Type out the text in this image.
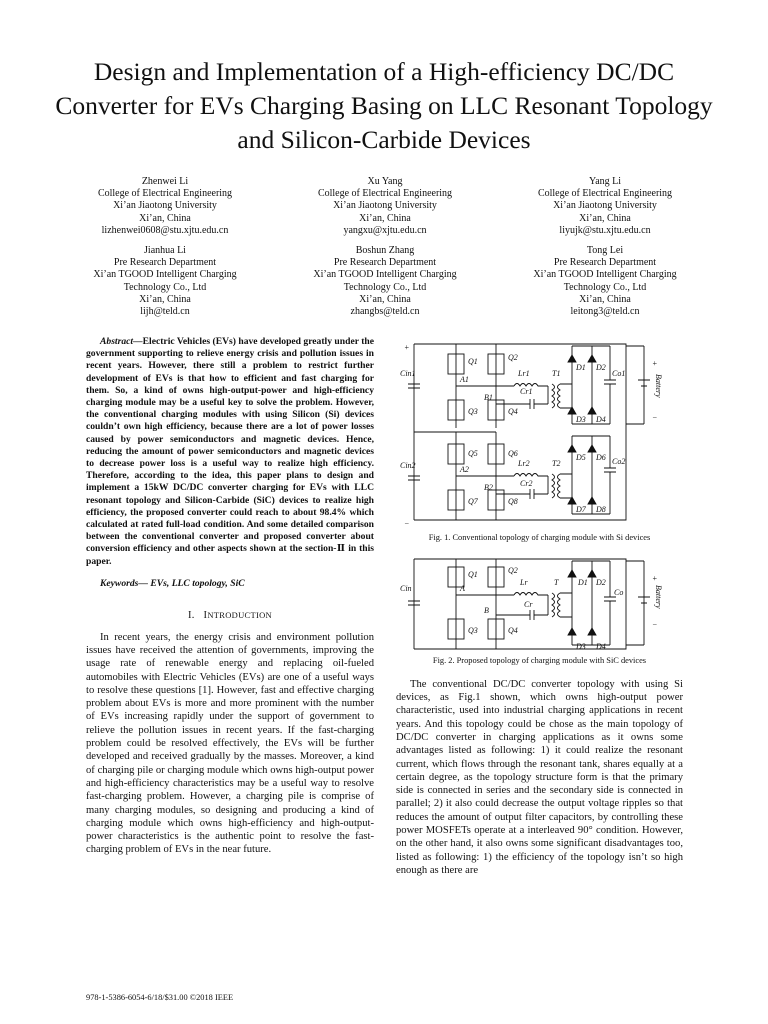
Design and Implementation of a High-efficiency DC/DC Converter for EVs Charging Basing on LLC Resonant Topology and Silicon-Carbide Devices
Zhenwei Li
College of Electrical Engineering
Xi’an Jiaotong University
Xi’an, China
lizhenwei0608@stu.xjtu.edu.cn
Xu Yang
College of Electrical Engineering
Xi’an Jiaotong University
Xi’an, China
yangxu@xjtu.edu.cn
Yang Li
College of Electrical Engineering
Xi’an Jiaotong University
Xi’an, China
liyujk@stu.xjtu.edu.cn
Jianhua Li
Pre Research Department
Xi’an TGOOD Intelligent Charging
Technology Co., Ltd
Xi’an, China
lijh@teld.cn
Boshun Zhang
Pre Research Department
Xi’an TGOOD Intelligent Charging
Technology Co., Ltd
Xi’an, China
zhangbs@teld.cn
Tong Lei
Pre Research Department
Xi’an TGOOD Intelligent Charging
Technology Co., Ltd
Xi’an, China
leitong3@teld.cn

Abstract—Electric Vehicles (EVs) have developed greatly under the government supporting to relieve energy crisis and pollution issues in recent years. However, there still a problem to restrict further development of EVs is that how to efficient and fast charging for them. So, a kind of owns high-output-power and high-efficiency charging module may be a useful key to solve the problem. However, the conventional charging modules with using Silicon (Si) devices couldn’t own high efficiency, because there are a lot of power losses caused by power semiconductors and magnetic devices. Hence, reducing the amount of power semiconductors and magnetic devices to decrease power loss is a useful way to realize high efficiency. Therefore, according to the idea, this paper plans to design and implement a 15kW DC/DC converter charging for EVs with LLC resonant topology and Silicon-Carbide (SiC) devices to realize high efficiency, the proposed converter could reach to about 98.4% which calculated at rated full-load condition. And some detailed comparison between the conventional converter and proposed converter about conversion efficiency and other aspects shown at the section-Ⅱ in this paper.

Keywords— EVs, LLC topology, SiC

I. INTRODUCTION

In recent years, the energy crisis and environment pollution issues have received the attention of governments, improving the usage rate of renewable energy and replacing oil-fueled automobiles with Electric Vehicles (EVs) are one of a useful ways to resolve these questions [1]. However, fast and effective charging problem about EVs is more and more prominent with the number of EVs increasing rapidly under the support of government to relieve the pollution issues in recent years. If the fast-charging problem could be resolved effectively, the EVs will be further developed and received gradually by the masses. Moreover, a kind of charging pile or charging module which owns high-output power and high-efficiency characteristics may be a useful way to resolve fast-charging problem. However, a charging pile is comprise of many charging modules, so designing and producing a kind of charging module which owns high-efficiency and high-output-power characteristics is the authentic point to resolve the fast-charging problem of EVs in the near future.

+
Cin1
Cin2
Q1	Q2
Q3	Q4
A1
B1
Lr1
Cr1
T1
D1 D2
D3 D4
Co1
Q5	Q6
Q7	Q8
A2
B2
Lr2
Cr2
T2
D5 D6
D7 D8
Co2
+
−
Battery
−

Fig. 1. Conventional topology of charging module with Si devices

Cin
Q1	Q2
Q3	Q4
A
B
Lr
Cr
T D1 D2
D3 D4
Co
+
−
Battery

Fig. 2. Proposed topology of charging module with SiC devices

The conventional DC/DC converter topology with using Si devices, as Fig.1 shown, which owns high-output power characteristic, used into industrial charging applications in recent years. And this topology could be chose as the main topology of DC/DC converter in charging applications as it owns some advantages listed as following: 1) it could realize the resonant current, which flows through the resonant tank, shares equally at a certain degree, as the topology structure form is that the primary side is connected in series and the secondary side is connected in parallel; 2) it also could decrease the output voltage ripples so that reduces the amount of output filter capacitors, by controlling these power MOSFETs operate at a interleaved 90° condition. However, on the other hand, it also owns some significant disadvantages too, listed as following: 1) the efficiency of the topology isn’t so high enough as there are

978-1-5386-6054-6/18/$31.00 ©2018 IEEE
